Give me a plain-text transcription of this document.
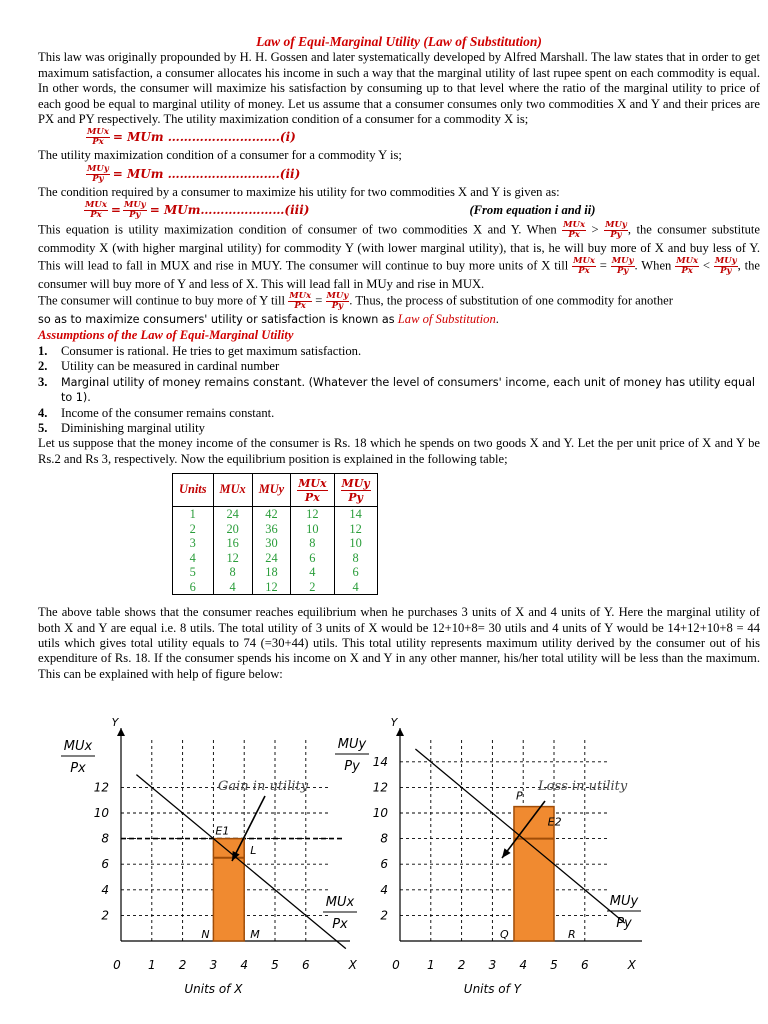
Law of Equi-Marginal Utility (Law of Substitution)

This law was originally propounded by H. H. Gossen and later systematically developed by Alfred Marshall. The law states that in order to get maximum satisfaction, a consumer allocates his income in such a way that the marginal utility of last rupee spent on each commodity is equal. In other words, the consumer will maximize his satisfaction by consuming up to that level where the ratio of the marginal utility to price of each good be equal to marginal utility of money. Let us assume that a consumer consumes only two commodities X and Y and their prices are PX and PY respectively. The utility maximization condition of a consumer for a commodity X is;

$\frac{\text{MUx}}{Px}$ = MUm ……………………….(i)

The utility maximization condition of a consumer for a commodity Y is;

$\frac{\text{MUy}}{Py}$ = MUm ……………………….(ii)

The condition required by a consumer to maximize his utility for two commodities X and Y is given as:

$\frac{\text{MUx}}{Px} = \frac{\text{MUy}}{Py}$ = MUm…………………(iii)	(From equation i and ii)

This equation is utility maximization condition of consumer of two commodities X and Y. When $\frac{\text{MUx}}{Px} > \frac{\text{MUy}}{Py}$ , the consumer substitute commodity X (with higher marginal utility) for commodity Y (with lower marginal utility), that is, he will buy more of X and buy less of Y. This will lead to fall in MUX and rise in MUY. The consumer will continue to buy more units of X till $\frac{\text{MUx}}{Px} = \frac{\text{MUy}}{Py}$ . When $\frac{\text{MUx}}{Px} < \frac{\text{MUy}}{Py}$ , the consumer will buy more of Y and less of X. This will lead fall in MUy and rise in MUX.
The consumer will continue to buy more of Y till $\frac{\text{MUx}}{Px} = \frac{\text{MUy}}{Py}$ . Thus, the process of substitution of one commodity for another
so as to maximize consumers' utility or satisfaction is known as Law of Substitution.

Assumptions of the Law of Equi-Marginal Utility
1.	Consumer is rational. He tries to get maximum satisfaction.
2.	Utility can be measured in cardinal number
3.	Marginal utility of money remains constant. (Whatever the level of consumers' income, each unit of money has utility equal to 1).
4.	Income of the consumer remains constant.
5.	Diminishing marginal utility

Let us suppose that the money income of the consumer is Rs. 18 which he spends on two goods X and Y. Let the per unit price of X and Y be Rs.2 and Rs 3, respectively. Now the equilibrium position is explained in the following table;

Units	MUx	MUy	$\frac{\text{MUx}}{Px}$	$\frac{\text{MUy}}{Py}$

1	24	42	12	14
2	20	36	10	12
3	16	30	8	10
4	12	24	6	8
5	8	18	4	6
6	4	12	2	4

The above table shows that the consumer reaches equilibrium when he purchases 3 units of X and 4 units of Y. Here the marginal utility of both X and Y are equal i.e. 8 utils. The total utility of 3 units of X would be 12+10+8= 30 utils and 4 units of Y would be 14+12+10+8 = 44 utils which gives total utility equals to 74 (=30+44) utils. This total utility represents maximum utility derived by the consumer out of his expenditure of Rs. 18. If the consumer spends his income on X and Y in any other manner, his/her total utility will be less than the maximum. This can be explained with help of figure below:

Y
X
MUx
Px
0 1 2 3 4 5 6
2
4
6
8
10
12
MUx
Px
E1
L
N	M
Gain in utility
Units of X
Y
X
MUy
Py
0 1 2 3 4 5 6
2
4
6
8
10
12
14
MUy
Py
P
E2
Q	R
Loss in utility
Units of Y
